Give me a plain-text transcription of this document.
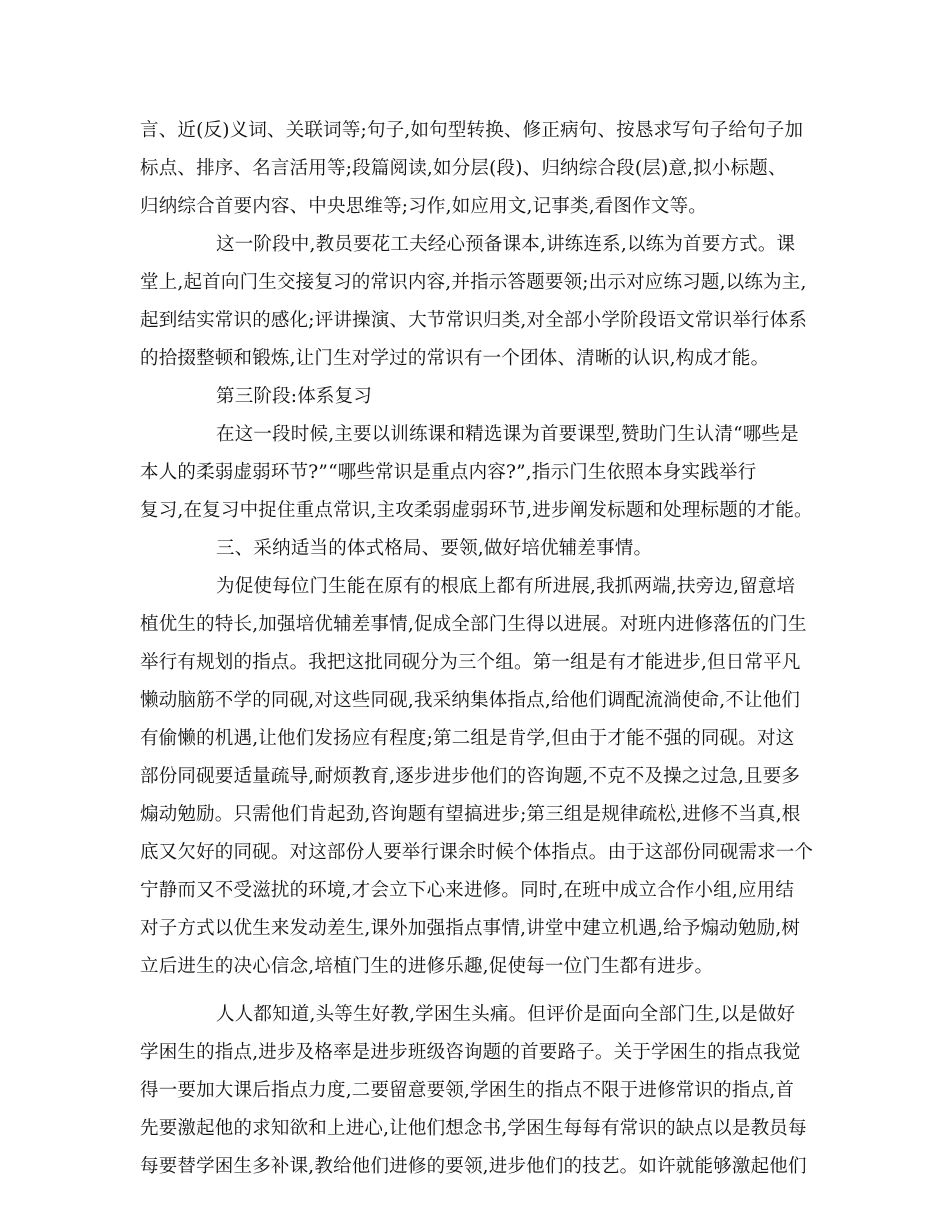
言、近(反)义词、关联词等;句子,如句型转换、修正病句、按恳求写句子给句子加
标点、排序、名言活用等;段篇阅读,如分层(段)、归纳综合段(层)意,拟小标题、
归纳综合首要内容、中央思维等;习作,如应用文,记事类,看图作文等。
这一阶段中,教员要花工夫经心预备课本,讲练连系,以练为首要方式。课
堂上,起首向门生交接复习的常识内容,并指示答题要领;出示对应练习题,以练为主,
起到结实常识的感化;评讲操演、大节常识归类,对全部小学阶段语文常识举行体系
的拾掇整顿和锻炼,让门生对学过的常识有一个团体、清晰的认识,构成才能。
第三阶段:体系复习
在这一段时候,主要以训练课和精选课为首要课型,赞助门生认清“哪些是
本人的柔弱虚弱环节?”“哪些常识是重点内容?”,指示门生依照本身实践举行
复习,在复习中捉住重点常识,主攻柔弱虚弱环节,进步阐发标题和处理标题的才能。
三、采纳适当的体式格局、要领,做好培优辅差事情。
为促使每位门生能在原有的根底上都有所进展,我抓两端,扶旁边,留意培
植优生的特长,加强培优辅差事情,促成全部门生得以进展。对班内进修落伍的门生
举行有规划的指点。我把这批同砚分为三个组。第一组是有才能进步,但日常平凡
懒动脑筋不学的同砚,对这些同砚,我采纳集体指点,给他们调配流淌使命,不让他们
有偷懒的机遇,让他们发扬应有程度;第二组是肯学,但由于才能不强的同砚。对这
部份同砚要适量疏导,耐烦教育,逐步进步他们的咨询题,不克不及操之过急,且要多
煽动勉励。只需他们肯起劲,咨询题有望搞进步;第三组是规律疏松,进修不当真,根
底又欠好的同砚。对这部份人要举行课余时候个体指点。由于这部份同砚需求一个
宁静而又不受滋扰的环境,才会立下心来进修。同时,在班中成立合作小组,应用结
对子方式以优生来发动差生,课外加强指点事情,讲堂中建立机遇,给予煽动勉励,树
立后进生的决心信念,培植门生的进修乐趣,促使每一位门生都有进步。
人人都知道,头等生好教,学困生头痛。但评价是面向全部门生,以是做好
学困生的指点,进步及格率是进步班级咨询题的首要路子。关于学困生的指点我觉
得一要加大课后指点力度,二要留意要领,学困生的指点不限于进修常识的指点,首
先要激起他的求知欲和上进心,让他们想念书,学困生每每有常识的缺点以是教员每
每要替学困生多补课,教给他们进修的要领,进步他们的技艺。如许就能够激起他们
